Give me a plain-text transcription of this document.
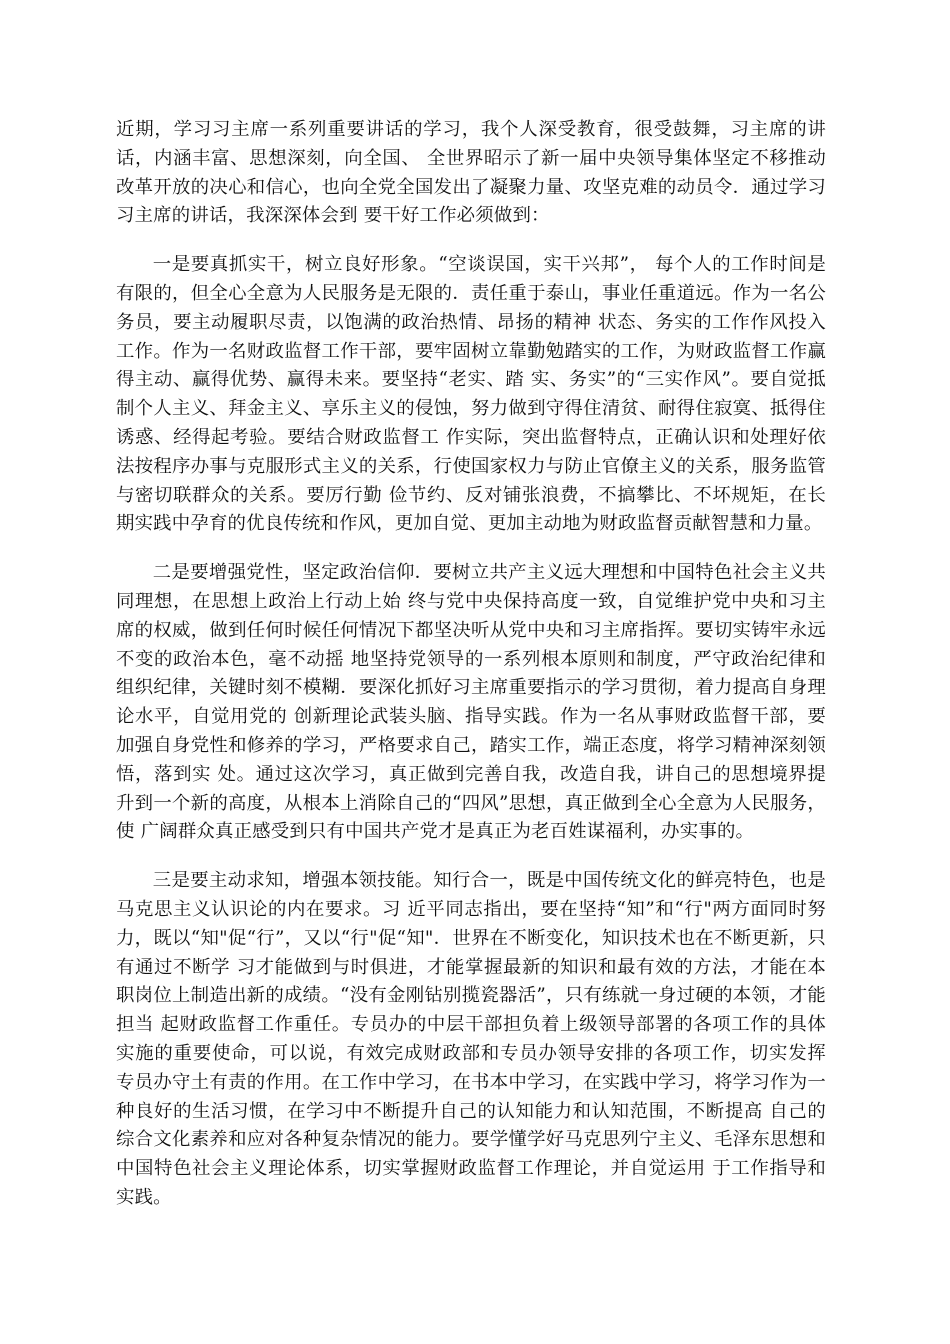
近期，学习习主席一系列重要讲话的学习，我个人深受教育，很受鼓舞，习主席的讲话，内涵丰富、思想深刻，向全国、 全世界昭示了新一届中央领导集体坚定不移推动改革开放的决心和信心，也向全党全国发出了凝聚力量、攻坚克难的动员令．通过学习习主席的讲话，我深深体会到 要干好工作必须做到：

一是要真抓实干，树立良好形象。“空谈误国，实干兴邦”， 每个人的工作时间是有限的，但全心全意为人民服务是无限的．责任重于泰山，事业任重道远。作为一名公务员，要主动履职尽责，以饱满的政治热情、昂扬的精神 状态、务实的工作作风投入工作。作为一名财政监督工作干部，要牢固树立靠勤勉踏实的工作，为财政监督工作赢得主动、赢得优势、赢得未来。要坚持“老实、踏 实、务实”的“三实作风”。要自觉抵制个人主义、拜金主义、享乐主义的侵蚀，努力做到守得住清贫、耐得住寂寞、抵得住诱惑、经得起考验。要结合财政监督工 作实际，突出监督特点，正确认识和处理好依法按程序办事与克服形式主义的关系，行使国家权力与防止官僚主义的关系，服务监管与密切联群众的关系。要厉行勤 俭节约、反对铺张浪费，不搞攀比、不坏规矩，在长期实践中孕育的优良传统和作风，更加自觉、更加主动地为财政监督贡献智慧和力量。

二是要增强党性，坚定政治信仰．要树立共产主义远大理想和中国特色社会主义共同理想，在思想上政治上行动上始 终与党中央保持高度一致，自觉维护党中央和习主席的权威，做到任何时候任何情况下都坚决听从党中央和习主席指挥。要切实铸牢永远不变的政治本色，毫不动摇 地坚持党领导的一系列根本原则和制度，严守政治纪律和组织纪律，关键时刻不模糊．要深化抓好习主席重要指示的学习贯彻，着力提高自身理论水平，自觉用党的 创新理论武装头脑、指导实践。作为一名从事财政监督干部，要加强自身党性和修养的学习，严格要求自己，踏实工作，端正态度，将学习精神深刻领悟，落到实 处。通过这次学习，真正做到完善自我，改造自我，讲自己的思想境界提升到一个新的高度，从根本上消除自己的“四风”思想，真正做到全心全意为人民服务，使 广阔群众真正感受到只有中国共产党才是真正为老百姓谋福利，办实事的。

三是要主动求知，增强本领技能。知行合一，既是中国传统文化的鲜亮特色，也是马克思主义认识论的内在要求。习 近平同志指出，要在坚持“知”和“行"两方面同时努力，既以“知"促“行”，又以“行"促“知"．世界在不断变化，知识技术也在不断更新，只有通过不断学 习才能做到与时俱进，才能掌握最新的知识和最有效的方法，才能在本职岗位上制造出新的成绩。“没有金刚钻别揽瓷器活”，只有练就一身过硬的本领，才能担当 起财政监督工作重任。专员办的中层干部担负着上级领导部署的各项工作的具体实施的重要使命，可以说，有效完成财政部和专员办领导安排的各项工作，切实发挥 专员办守土有责的作用。在工作中学习，在书本中学习，在实践中学习，将学习作为一种良好的生活习惯，在学习中不断提升自己的认知能力和认知范围，不断提高 自己的综合文化素养和应对各种复杂情况的能力。要学懂学好马克思列宁主义、毛泽东思想和中国特色社会主义理论体系，切实掌握财政监督工作理论，并自觉运用 于工作指导和实践。
